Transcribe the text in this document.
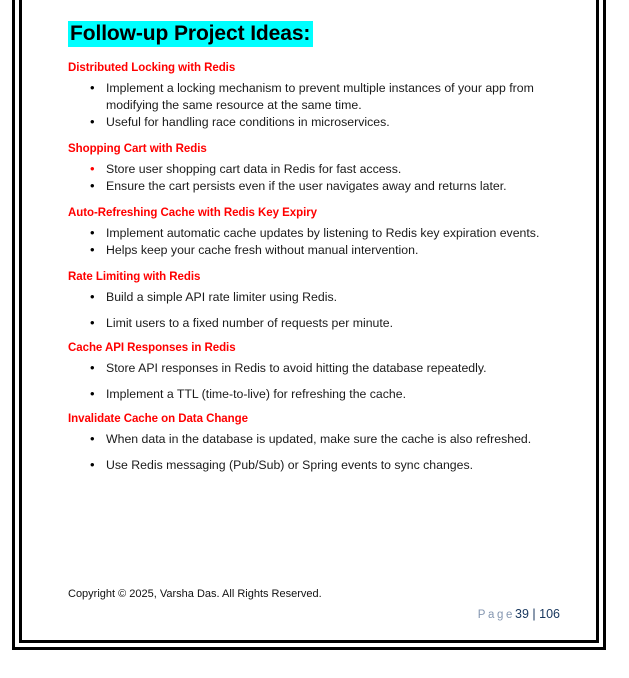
Follow-up Project Ideas:
Distributed Locking with Redis
• Implement a locking mechanism to prevent multiple instances of your app from modifying the same resource at the same time.
• Useful for handling race conditions in microservices.
Shopping Cart with Redis
• Store user shopping cart data in Redis for fast access.
• Ensure the cart persists even if the user navigates away and returns later.
Auto-Refreshing Cache with Redis Key Expiry
• Implement automatic cache updates by listening to Redis key expiration events.
• Helps keep your cache fresh without manual intervention.
Rate Limiting with Redis
• Build a simple API rate limiter using Redis.
• Limit users to a fixed number of requests per minute.
Cache API Responses in Redis
• Store API responses in Redis to avoid hitting the database repeatedly.
• Implement a TTL (time-to-live) for refreshing the cache.
Invalidate Cache on Data Change
• When data in the database is updated, make sure the cache is also refreshed.
• Use Redis messaging (Pub/Sub) or Spring events to sync changes.
Copyright © 2025, Varsha Das. All Rights Reserved.
Page39 | 106
